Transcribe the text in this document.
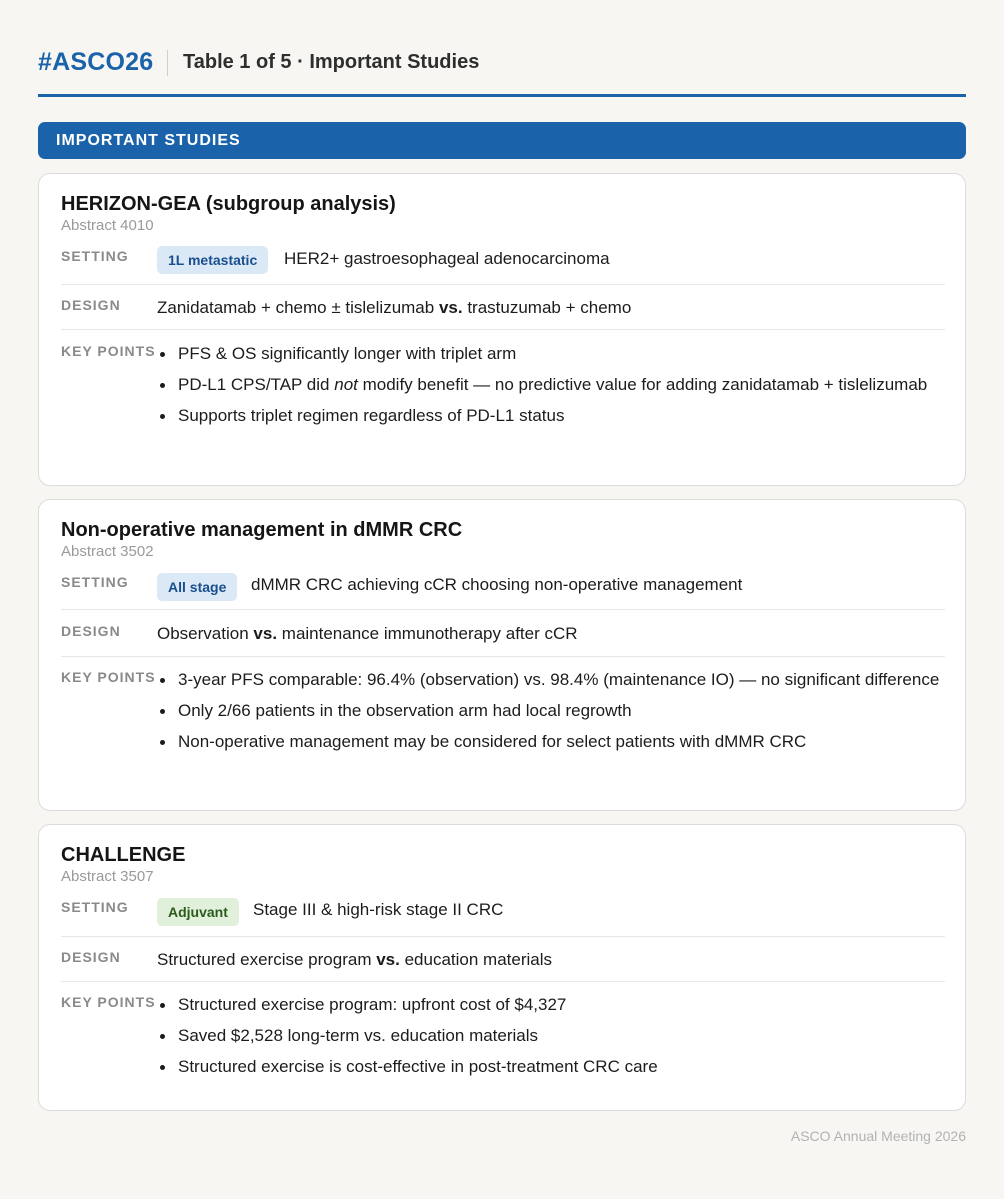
#ASCO26 Table 1 of 5 · Important Studies
IMPORTANT STUDIES
HERIZON-GEA (subgroup analysis)
Abstract 4010
SETTING	1L metastatic	HER2+ gastroesophageal adenocarcinoma
DESIGN Zanidatamab + chemo ± tislelizumab vs. trastuzumab + chemo
KEY POINTS	PFS & OS significantly longer with triplet arm
PD-L1 CPS/TAP did not modify benefit — no predictive value for adding zanidatamab + tislelizumab
Supports triplet regimen regardless of PD-L1 status
Non-operative management in dMMR CRC
Abstract 3502
SETTING	All stage	dMMR CRC achieving cCR choosing non-operative management
DESIGN Observation vs. maintenance immunotherapy after cCR
KEY POINTS	3-year PFS comparable: 96.4% (observation) vs. 98.4% (maintenance IO) — no significant difference
Only 2/66 patients in the observation arm had local regrowth
Non-operative management may be considered for select patients with dMMR CRC
CHALLENGE
Abstract 3507
SETTING	Adjuvant	Stage III & high-risk stage II CRC
DESIGN Structured exercise program vs. education materials
KEY POINTS	Structured exercise program: upfront cost of $4,327
Saved $2,528 long-term vs. education materials
Structured exercise is cost-effective in post-treatment CRC care
ASCO Annual Meeting 2026
